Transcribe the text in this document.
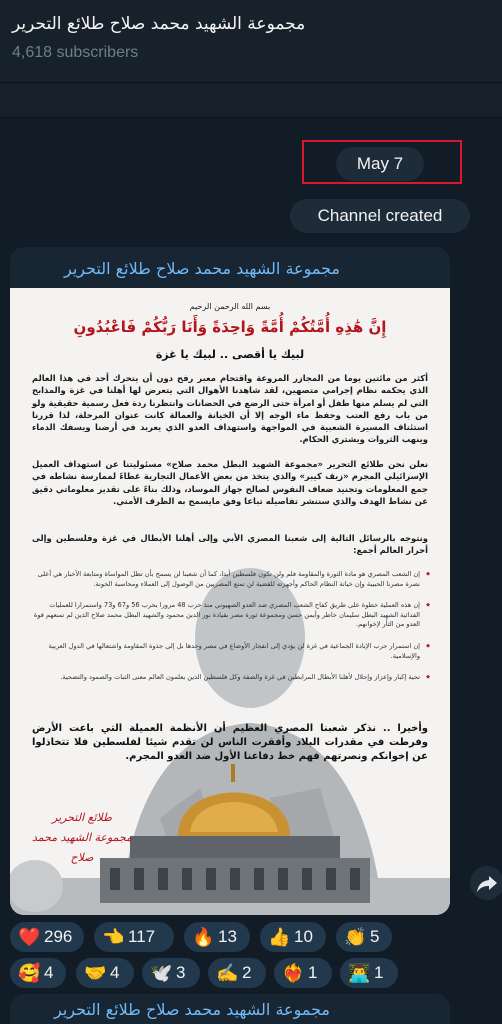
مجموعة الشهيد محمد صلاح طلائع التحرير
4,618 subscribers
May 7
Channel created
مجموعة الشهيد محمد صلاح طلائع التحرير
بسم الله الرحمن الرحيم
إِنَّ هَٰذِهِ أُمَّتُكُمْ أُمَّةً وَاحِدَةً وَأَنَا رَبُّكُمْ فَاعْبُدُونِ
لبيك يا أقصى .. لبيك يا غزة
أكثر من مائتين يوما من المجازر المروعة واقتحام معبر رفح دون أن يتحرك أحد في هذا العالم الذي يحكمه نظام إجرامي متصهين، لقد شاهدنا الأهوال التي يتعرض لها أهلنا في غزة والمذابح التي لم يسلم منها طفل أو امرأة حتى الرضع في الحضانات وانتظرنا ردة فعل رسمية حقيقية ولو من باب رفع العتب وحفظ ماء الوجه إلا أن الخيانة والعمالة كانت عنوان المرحلة، لذا قررنا استئناف المسيرة الشعبية في المواجهة واستهداف العدو الذي يعربد في أرضنا ويسفك الدماء وينهب الثروات ويشتري الحكام.
نعلن نحن طلائع التحرير «مجموعة الشهيد البطل محمد صلاح» مسئوليتنا عن استهداف العميل الإسرائيلي المجرم «زيف كيبر» والذي يتخذ من بعض الأعمال التجارية غطاءً لممارسة نشاطه في جمع المعلومات وتجنيد ضعاف النفوس لصالح جهاز الموساد، وذلك بناءً على تقدير معلوماتي دقيق عن نشاط الهدف والذي سننشر تفاصيله تباعا وفق مايسمح به الظرف الأمني.
ونتوجه بالرسائل التالية إلى شعبنا المصري الأبي وإلى أهلنا الأبطال في غزة وفلسطين وإلى أحرار العالم أجمع:
◆ إن الشعب المصري هو مادة الثورة والمقاومة فلم ولن تكون فلسطين أبدا، كما أن شعبنا لن يسمح بأن تظل المواساة ومتابعة الأخبار هي أعلى نصرة مصرنا الحبيبة وإن خيانة النظام الحاكم وأجهزته للقضية لن تمنع المصريين من الوصول إلى العملاء ومحاسبة الخونة.
◆ إن هذه العملية خطوة على طريق كفاح الشعب المصري ضد العدو الصهيوني منذ حرب 48 مرورا بحرب 56 و67 و73 واستمرارا للعمليات الفدائية الشهيد البطل سليمان خاطر وأيمن حسن ومجموعة ثورة مصر بقيادة نور الدين محمود والشهيد البطل محمد صلاح الذين لم تمنعهم قوة العدو من الثأر لإخوانهم.
◆ إن استمرار حرب الإبادة الجماعية في غزة لن يؤدي إلى انفجار الأوضاع في مصر وحدها بل إلى جذوة المقاومة واشتعالها في الدول العربية والإسلامية.
◆ تحية إكبار وإعزاز وإجلال لأهلنا الأبطال المرابطين في غزة والضفة وكل فلسطين الذين يعلمون العالم معنى الثبات والصمود والتضحية.
وأخيرا .. نذكر شعبنا المصري العظيم أن الأنظمة العميلة التي باعت الأرض وفرطت في مقدرات البلاد وأفقرت الناس لن تقدم شيئا لفلسطين فلا تتخاذلوا عن إخوانكم ونصرتهم فهم خط دفاعنا الأول ضد العدو المجرم.
طلائع التحرير
مجموعة الشهيد محمد صلاح
❤️ 296	👈 117	🔥 13	👍 10	👏 5
🥰 4	🤝 4	🕊️ 3	✍️ 2	❤️‍🔥 1	👨‍💻 1
مجموعة الشهيد محمد صلاح طلائع التحرير
